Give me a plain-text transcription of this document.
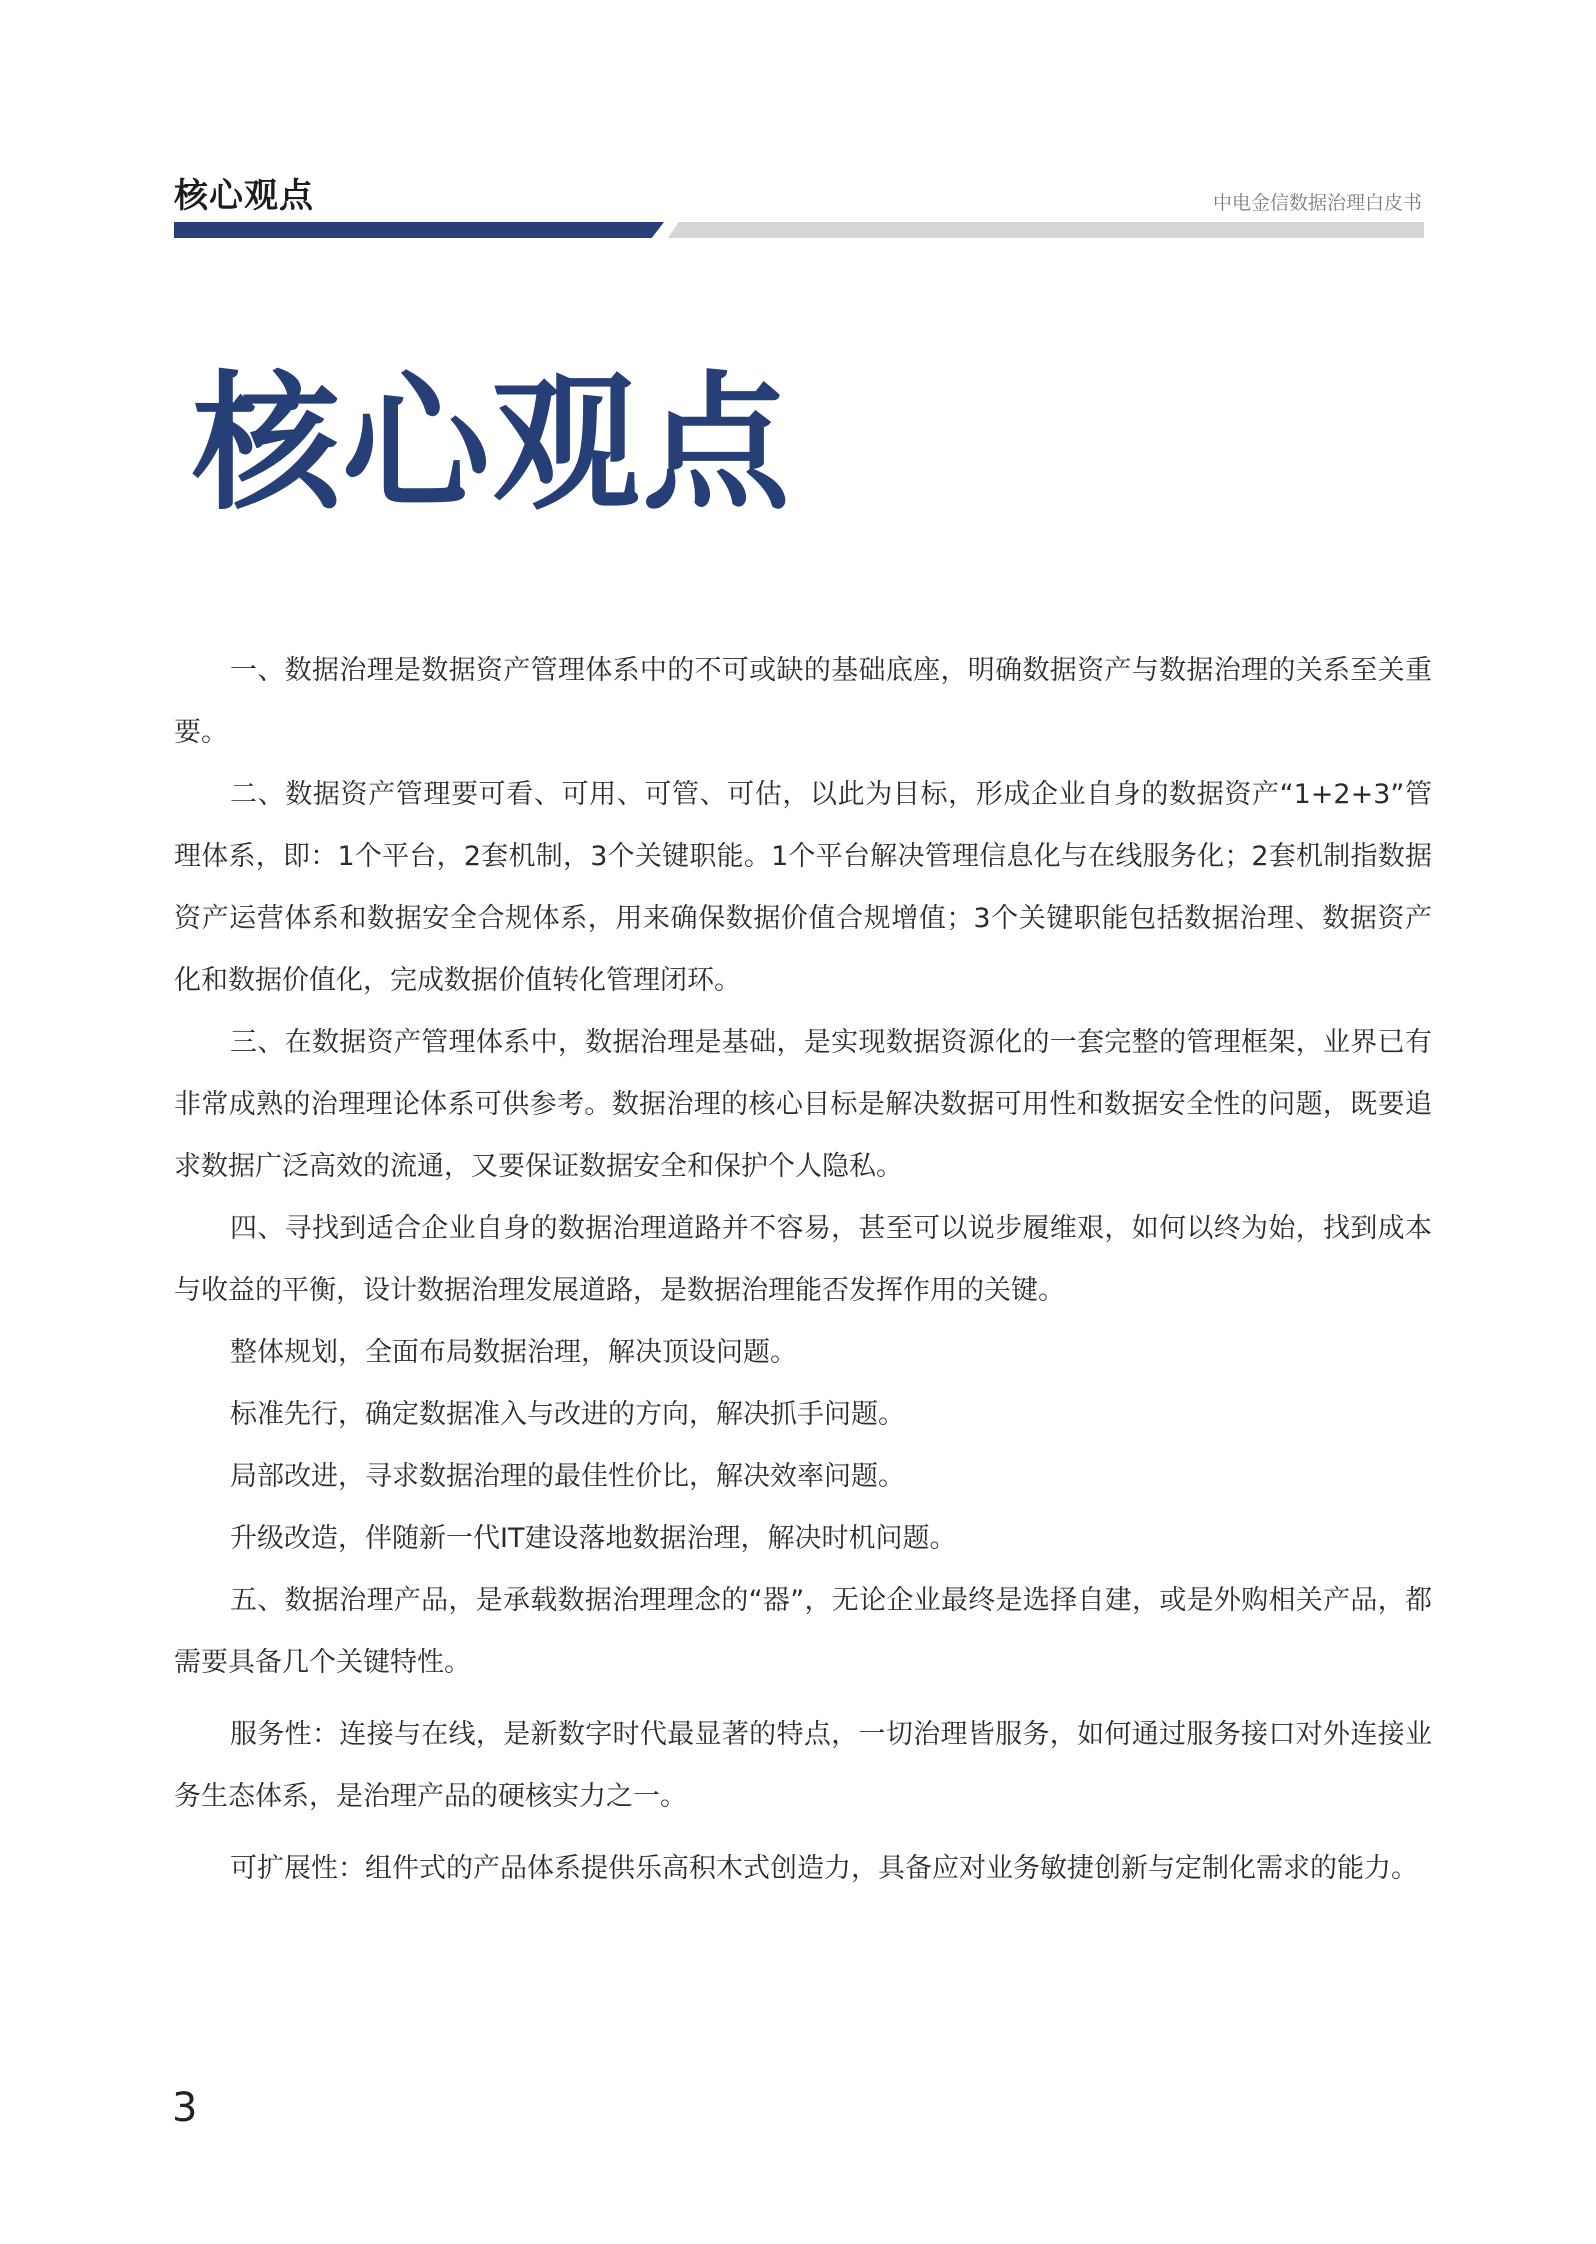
核心观点	中电金信数据治理白皮书
核心观点

一、数据治理是数据资产管理体系中的不可或缺的基础底座，明确数据资产与数据治理的关系至关重要。

二、数据资产管理要可看、可用、可管、可估，以此为目标，形成企业自身的数据资产“1+2+3”管理体系，即：1个平台，2套机制，3个关键职能。1个平台解决管理信息化与在线服务化；2套机制指数据资产运营体系和数据安全合规体系，用来确保数据价值合规增值；3个关键职能包括数据治理、数据资产化和数据价值化，完成数据价值转化管理闭环。

三、在数据资产管理体系中，数据治理是基础，是实现数据资源化的一套完整的管理框架，业界已有非常成熟的治理理论体系可供参考。数据治理的核心目标是解决数据可用性和数据安全性的问题，既要追求数据广泛高效的流通，又要保证数据安全和保护个人隐私。

四、寻找到适合企业自身的数据治理道路并不容易，甚至可以说步履维艰，如何以终为始，找到成本与收益的平衡，设计数据治理发展道路，是数据治理能否发挥作用的关键。

整体规划，全面布局数据治理，解决顶设问题。

标准先行，确定数据准入与改进的方向，解决抓手问题。

局部改进，寻求数据治理的最佳性价比，解决效率问题。

升级改造，伴随新一代IT建设落地数据治理，解决时机问题。

五、数据治理产品，是承载数据治理理念的“器”，无论企业最终是选择自建，或是外购相关产品，都需要具备几个关键特性。

服务性：连接与在线，是新数字时代最显著的特点，一切治理皆服务，如何通过服务接口对外连接业务生态体系，是治理产品的硬核实力之一。

可扩展性：组件式的产品体系提供乐高积木式创造力，具备应对业务敏捷创新与定制化需求的能力。

3
